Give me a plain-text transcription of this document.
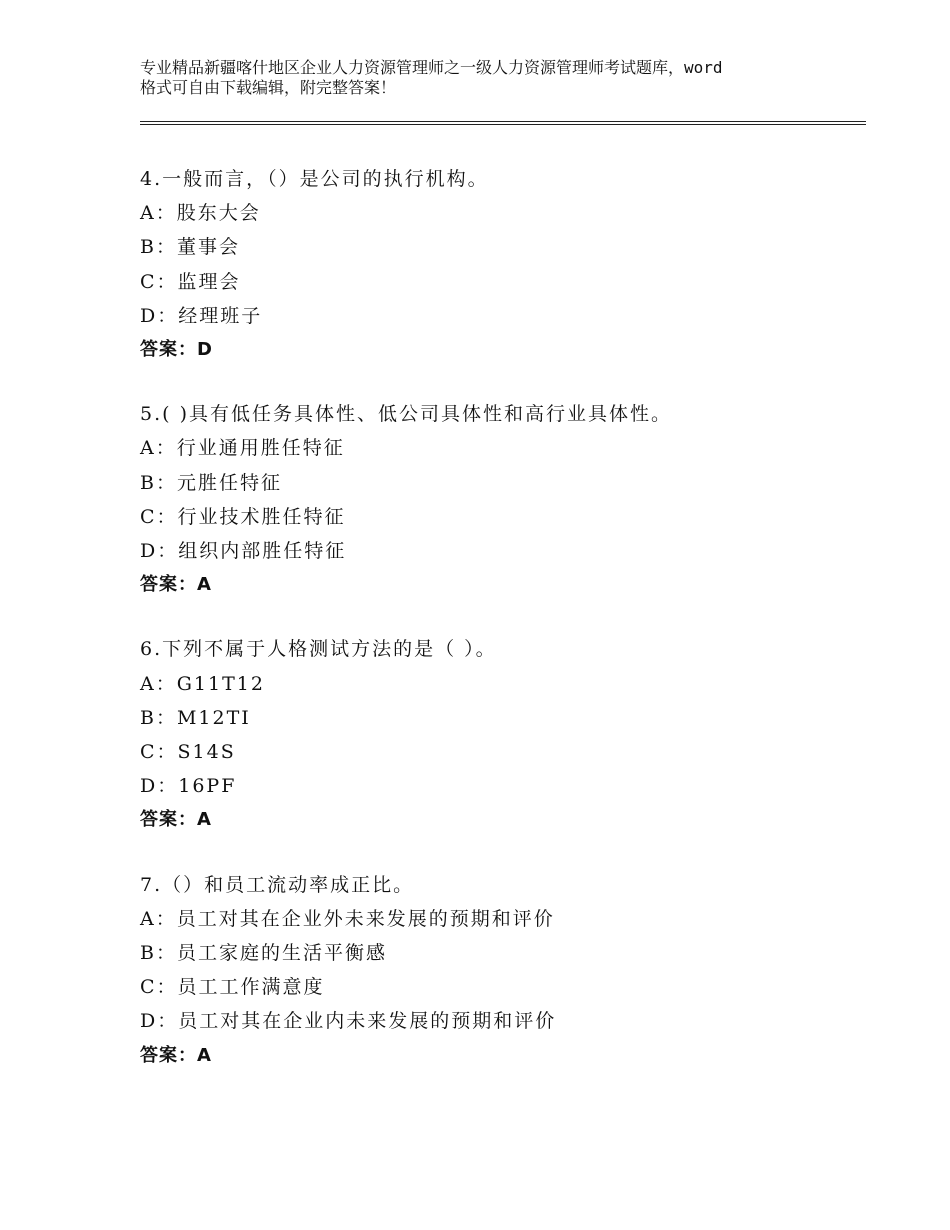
专业精品新疆喀什地区企业人力资源管理师之一级人力资源管理师考试题库，word
格式可自由下载编辑，附完整答案！
4.一般而言，（）是公司的执行机构。
A：股东大会
B：董事会
C：监理会
D：经理班子
答案：D
5.( )具有低任务具体性、低公司具体性和高行业具体性。
A：行业通用胜任特征
B：元胜任特征
C：行业技术胜任特征
D：组织内部胜任特征
答案：A
6.下列不属于人格测试方法的是（ ）。
A：G11T12
B：M12TI
C：S14S
D：16PF
答案：A
7.（）和员工流动率成正比。
A：员工对其在企业外未来发展的预期和评价
B：员工家庭的生活平衡感
C：员工工作满意度
D：员工对其在企业内未来发展的预期和评价
答案：A
